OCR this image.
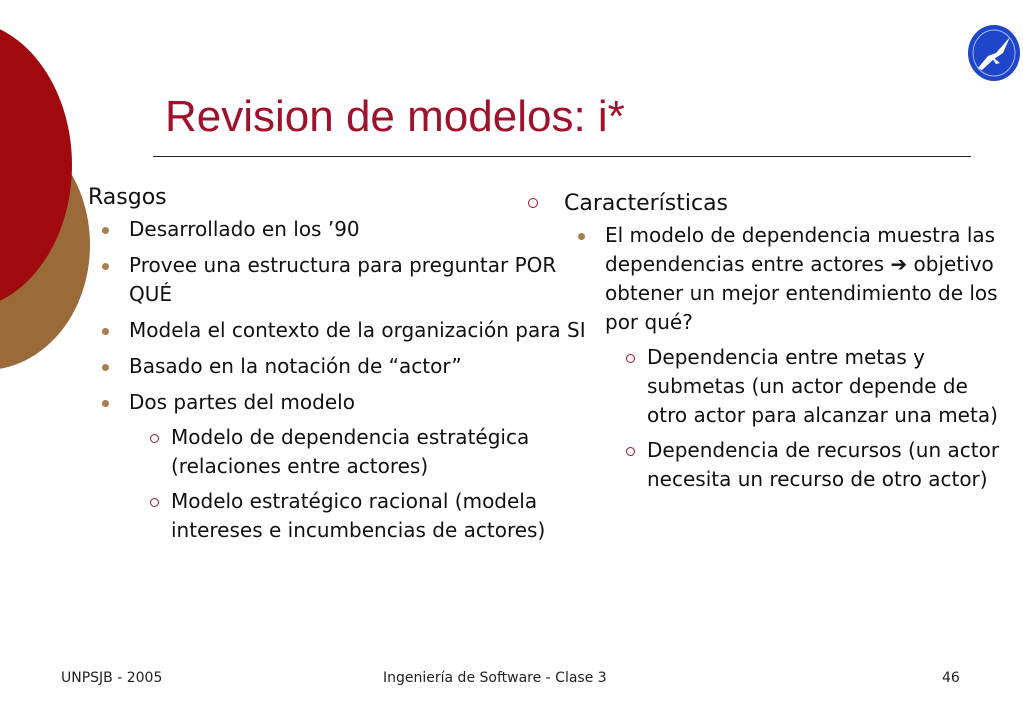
Revision de modelos: i*
Rasgos
Desarrollado en los ’90
Provee una estructura para preguntar POR QUÉ
Modela el contexto de la organización para SI
Basado en la notación de “actor”
Dos partes del modelo
Modelo de dependencia estratégica (relaciones entre actores)
Modelo estratégico racional (modela intereses e incumbencias de actores)
Características
El modelo de dependencia muestra las dependencias entre actores ➔ objetivo obtener un mejor entendimiento de los por qué?
Dependencia entre metas y submetas (un actor depende de otro actor para alcanzar una meta)
Dependencia de recursos (un actor necesita un recurso de otro actor)
UNPSJB - 2005	Ingeniería de Software - Clase 3	46
